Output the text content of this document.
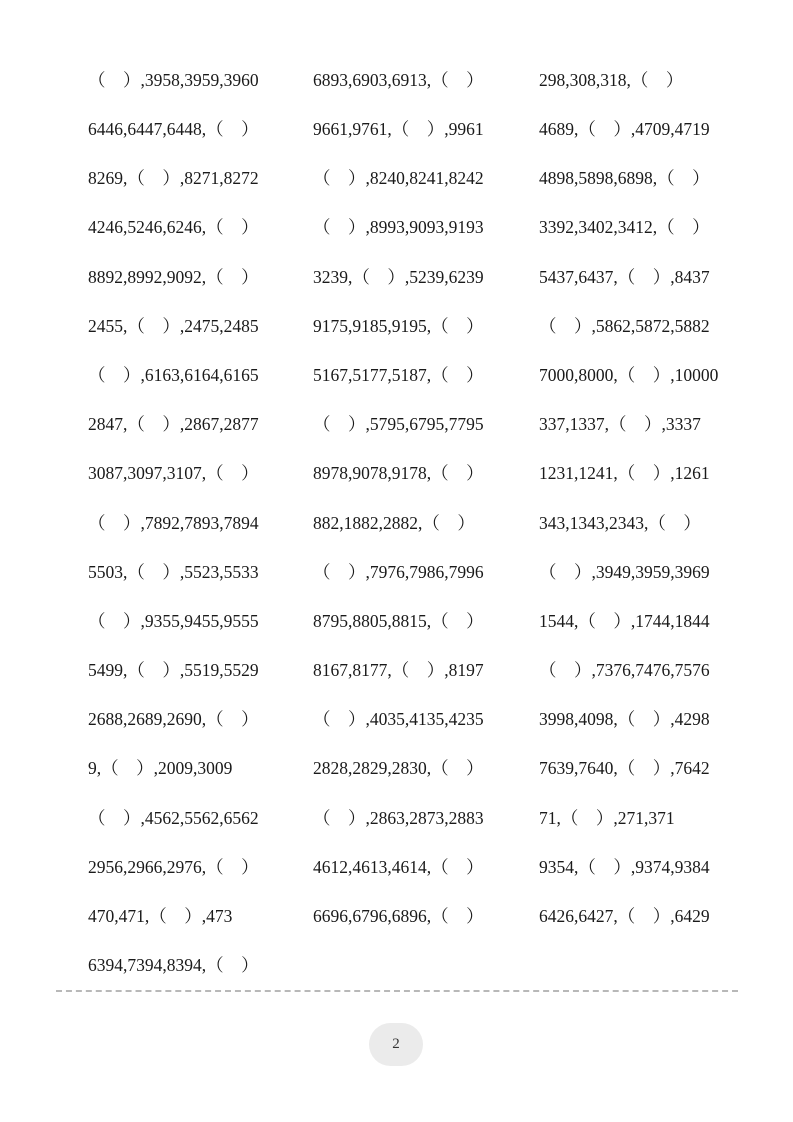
（　）,3958,3959,3960	6893,6903,6913,（　）	298,308,318,（　）
6446,6447,6448,（　）	9661,9761,（　）,9961	4689,（　）,4709,4719
8269,（　）,8271,8272	（　）,8240,8241,8242	4898,5898,6898,（　）
4246,5246,6246,（　）	（　）,8993,9093,9193	3392,3402,3412,（　）
8892,8992,9092,（　）	3239,（　）,5239,6239	5437,6437,（　）,8437
2455,（　）,2475,2485	9175,9185,9195,（　）	（　）,5862,5872,5882
（　）,6163,6164,6165	5167,5177,5187,（　）	7000,8000,（　）,10000
2847,（　）,2867,2877	（　）,5795,6795,7795	337,1337,（　）,3337
3087,3097,3107,（　）	8978,9078,9178,（　）	1231,1241,（　）,1261
（　）,7892,7893,7894	882,1882,2882,（　）	343,1343,2343,（　）
5503,（　）,5523,5533	（　）,7976,7986,7996	（　）,3949,3959,3969
（　）,9355,9455,9555	8795,8805,8815,（　）	1544,（　）,1744,1844
5499,（　）,5519,5529	8167,8177,（　）,8197	（　）,7376,7476,7576
2688,2689,2690,（　）	（　）,4035,4135,4235	3998,4098,（　）,4298
9,（　）,2009,3009	2828,2829,2830,（　）	7639,7640,（　）,7642
（　）,4562,5562,6562	（　）,2863,2873,2883	71,（　）,271,371
2956,2966,2976,（　）	4612,4613,4614,（　）	9354,（　）,9374,9384
470,471,（　）,473	6696,6796,6896,（　）	6426,6427,（　）,6429
6394,7394,8394,（　）
2
